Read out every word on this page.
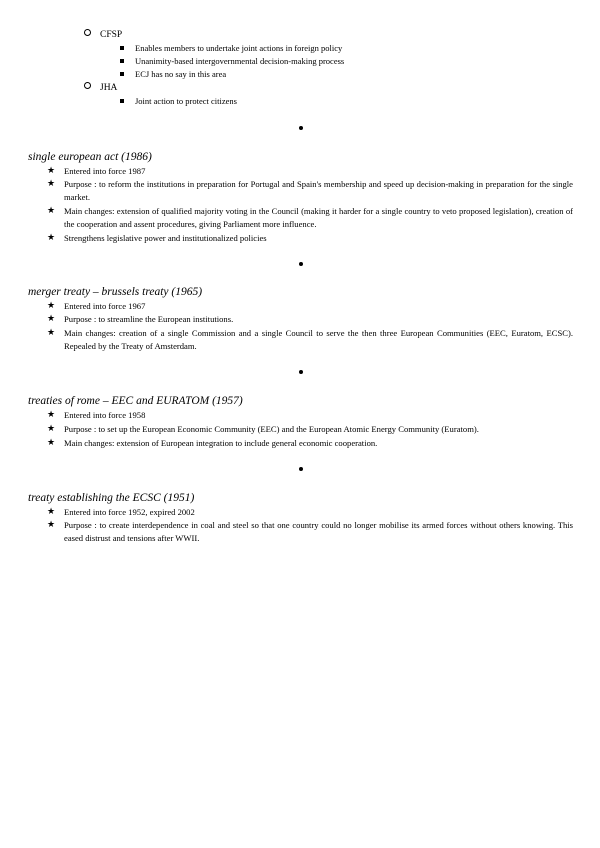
CFSP
Enables members to undertake joint actions in foreign policy
Unanimity-based intergovernmental decision-making process
ECJ has no say in this area
JHA
Joint action to protect citizens
single european act (1986)
★ Entered into force 1987
★ Purpose : to reform the institutions in preparation for Portugal and Spain's membership and speed up decision-making in preparation for the single market.
★ Main changes: extension of qualified majority voting in the Council (making it harder for a single country to veto proposed legislation), creation of the cooperation and assent procedures, giving Parliament more influence.
★ Strengthens legislative power and institutionalized policies
merger treaty – brussels treaty (1965)
★ Entered into force 1967
★ Purpose : to streamline the European institutions.
★ Main changes: creation of a single Commission and a single Council to serve the then three European Communities (EEC, Euratom, ECSC). Repealed by the Treaty of Amsterdam.
treaties of rome – EEC and EURATOM (1957)
★ Entered into force 1958
★ Purpose : to set up the European Economic Community (EEC) and the European Atomic Energy Community (Euratom).
★ Main changes: extension of European integration to include general economic cooperation.
treaty establishing the ECSC (1951)
★ Entered into force 1952, expired 2002
★ Purpose : to create interdependence in coal and steel so that one country could no longer mobilise its armed forces without others knowing. This eased distrust and tensions after WWII.
